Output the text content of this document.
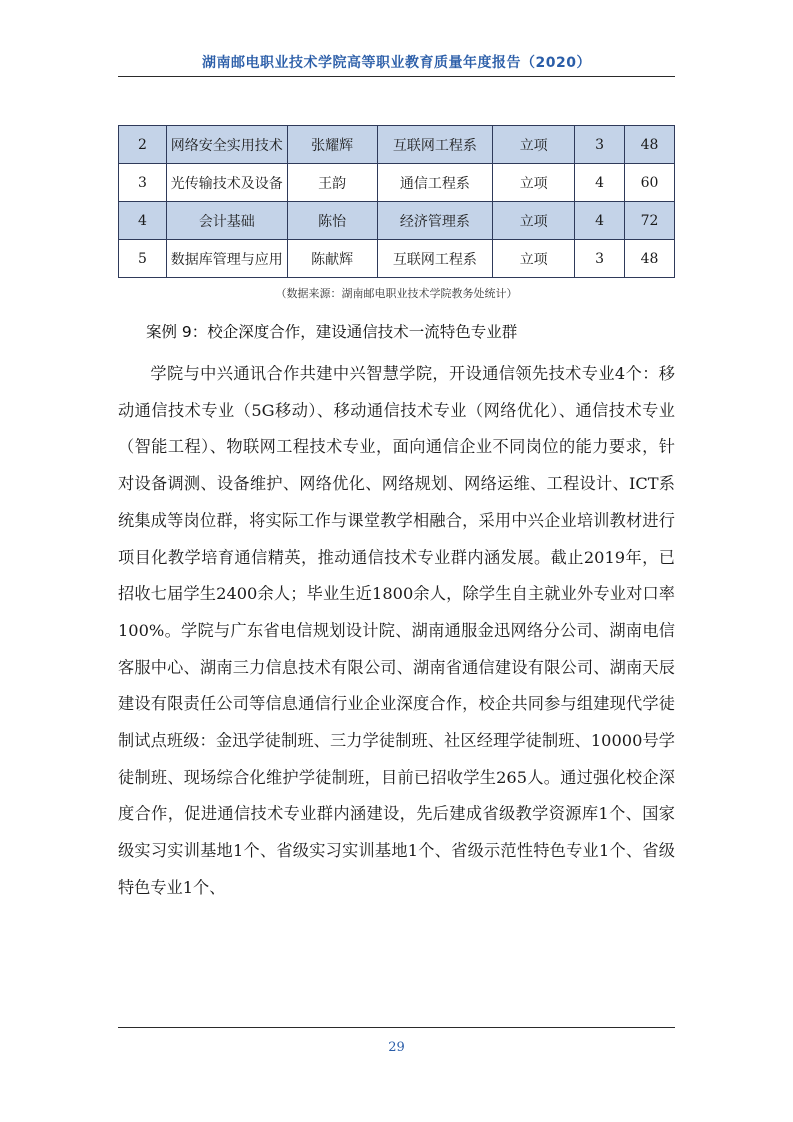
湖南邮电职业技术学院高等职业教育质量年度报告（2020）
2	网络安全实用技术	张耀辉	互联网工程系	立项	3	48
3	光传输技术及设备	王韵	通信工程系	立项	4	60
4	会计基础	陈怡	经济管理系	立项	4	72
5	数据库管理与应用	陈献辉	互联网工程系	立项	3	48
（数据来源：湖南邮电职业技术学院教务处统计）
案例 9：校企深度合作，建设通信技术一流特色专业群

学院与中兴通讯合作共建中兴智慧学院，开设通信领先技术专业4个：移动通信技术专业（5G移动）、移动通信技术专业（网络优化）、通信技术专业（智能工程）、物联网工程技术专业，面向通信企业不同岗位的能力要求，针对设备调测、设备维护、网络优化、网络规划、网络运维、工程设计、ICT系统集成等岗位群，将实际工作与课堂教学相融合，采用中兴企业培训教材进行项目化教学培育通信精英，推动通信技术专业群内涵发展。截止2019年，已招收七届学生2400余人；毕业生近1800余人，除学生自主就业外专业对口率100%。学院与广东省电信规划设计院、湖南通服金迅网络分公司、湖南电信客服中心、湖南三力信息技术有限公司、湖南省通信建设有限公司、湖南天辰建设有限责任公司等信息通信行业企业深度合作，校企共同参与组建现代学徒制试点班级：金迅学徒制班、三力学徒制班、社区经理学徒制班、10000号学徒制班、现场综合化维护学徒制班，目前已招收学生265人。通过强化校企深度合作，促进通信技术专业群内涵建设，先后建成省级教学资源库1个、国家级实习实训基地1个、省级实习实训基地1个、省级示范性特色专业1个、省级特色专业1个、

29
